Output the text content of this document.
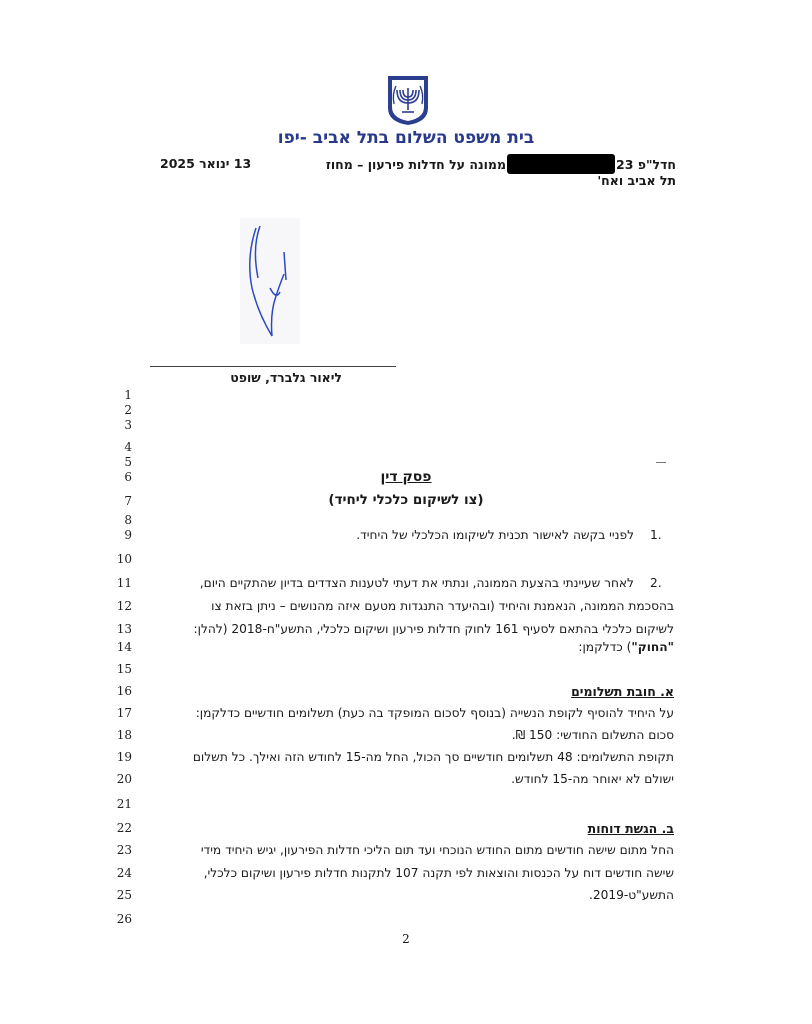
בית משפט השלום בתל אביב -יפו
חדל"פ 23ממונה על חדלות פירעון – מחוז
תל אביב ואח'
13 ינואר 2025
ליאור גלברד, שופט
1
2
3
4
5
6
7
8
9
10
11
12
13
14
15
16
17
18
19
20
21
22
23
24
25
26
פסק דין
(צו לשיקום כלכלי ליחיד)
1.

לפניי בקשה לאישור תכנית לשיקומו הכלכלי של היחיד.

2.

לאחר שעיינתי בהצעת הממונה, ונתתי את דעתי לטענות הצדדים בדיון שהתקיים היום,

בהסכמת הממונה, הנאמנת והיחיד (ובהיעדר התנגדות מטעם איזה מהנושים – ניתן בזאת צו

לשיקום כלכלי בהתאם לסעיף 161 לחוק חדלות פירעון ושיקום כלכלי, התשע"ח-2018 (להלן:

"החוק") כדלקמן:

א. חובת תשלומים

על היחיד להוסיף לקופת הנשייה (בנוסף לסכום המופקד בה כעת) תשלומים חודשיים כדלקמן:

סכום התשלום החודשי: 150 ₪.

תקופת התשלומים: 48 תשלומים חודשיים סך הכול, החל מה-15 לחודש הזה ואילך. כל תשלום

ישולם לא יאוחר מה-15 לחודש.

ב. הגשת דוחות

החל מתום שישה חודשים מתום החודש הנוכחי ועד תום הליכי חדלות הפירעון, יגיש היחיד מידי

שישה חודשים דוח על הכנסות והוצאות לפי תקנה 107 לתקנות חדלות פירעון ושיקום כלכלי,

התשע"ט-2019.

2
